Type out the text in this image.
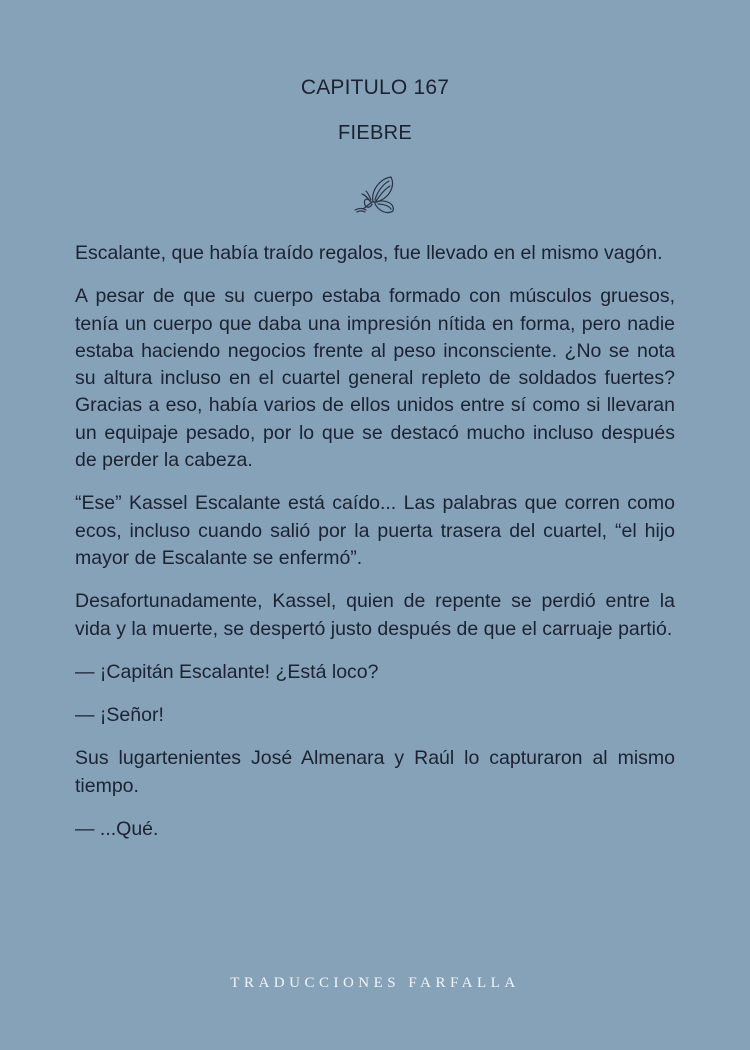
CAPITULO 167
FIEBRE

Escalante, que había traído regalos, fue llevado en el mismo vagón.

A pesar de que su cuerpo estaba formado con músculos gruesos, tenía un cuerpo que daba una impresión nítida en forma, pero nadie estaba haciendo negocios frente al peso inconsciente. ¿No se nota su altura incluso en el cuartel general repleto de soldados fuertes? Gracias a eso, había varios de ellos unidos entre sí como si llevaran un equipaje pesado, por lo que se destacó mucho incluso después de perder la cabeza.

“Ese” Kassel Escalante está caído... Las palabras que corren como ecos, incluso cuando salió por la puerta trasera del cuartel, “el hijo mayor de Escalante se enfermó”.

Desafortunadamente, Kassel, quien de repente se perdió entre la vida y la muerte, se despertó justo después de que el carruaje partió.

— ¡Capitán Escalante! ¿Está loco?

— ¡Señor!

Sus lugartenientes José Almenara y Raúl lo capturaron al mismo tiempo.

— ...Qué.

TRADUCCIONES FARFALLA
